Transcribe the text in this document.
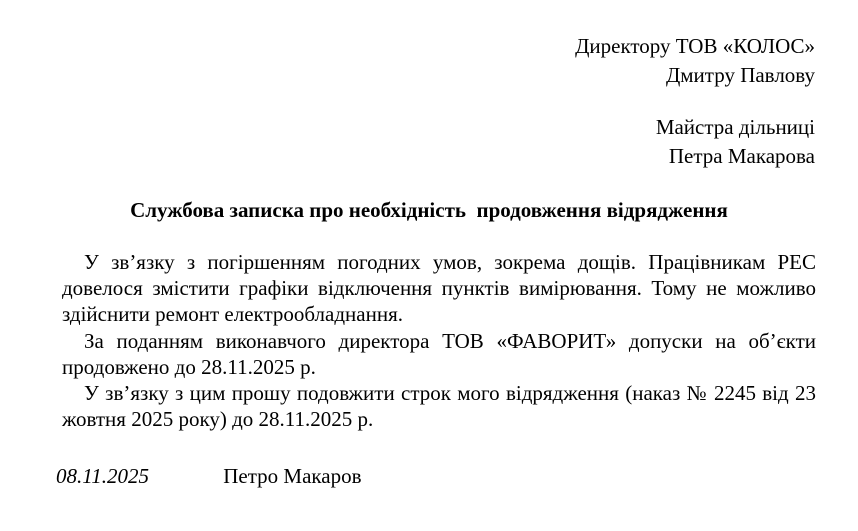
Директору ТОВ «КОЛОС»
Дмитру Павлову
Майстра дільниці
Петра Макарова
Службова записка про необхідність  продовження відрядження

У зв’язку з погіршенням погодних умов, зокрема дощів. Працівникам РЕС довелося змістити графіки відключення пунктів вимірювання. Тому не можливо здійснити ремонт електрообладнання.

За поданням виконавчого директора ТОВ «ФАВОРИТ» допуски на об’єкти продовжено до 28.11.2025 р.

У зв’язку з цим прошу подовжити строк мого відрядження (наказ № 2245 від 23 жовтня 2025 року) до 28.11.2025 р.

08.11.2025	Петро Макаров
